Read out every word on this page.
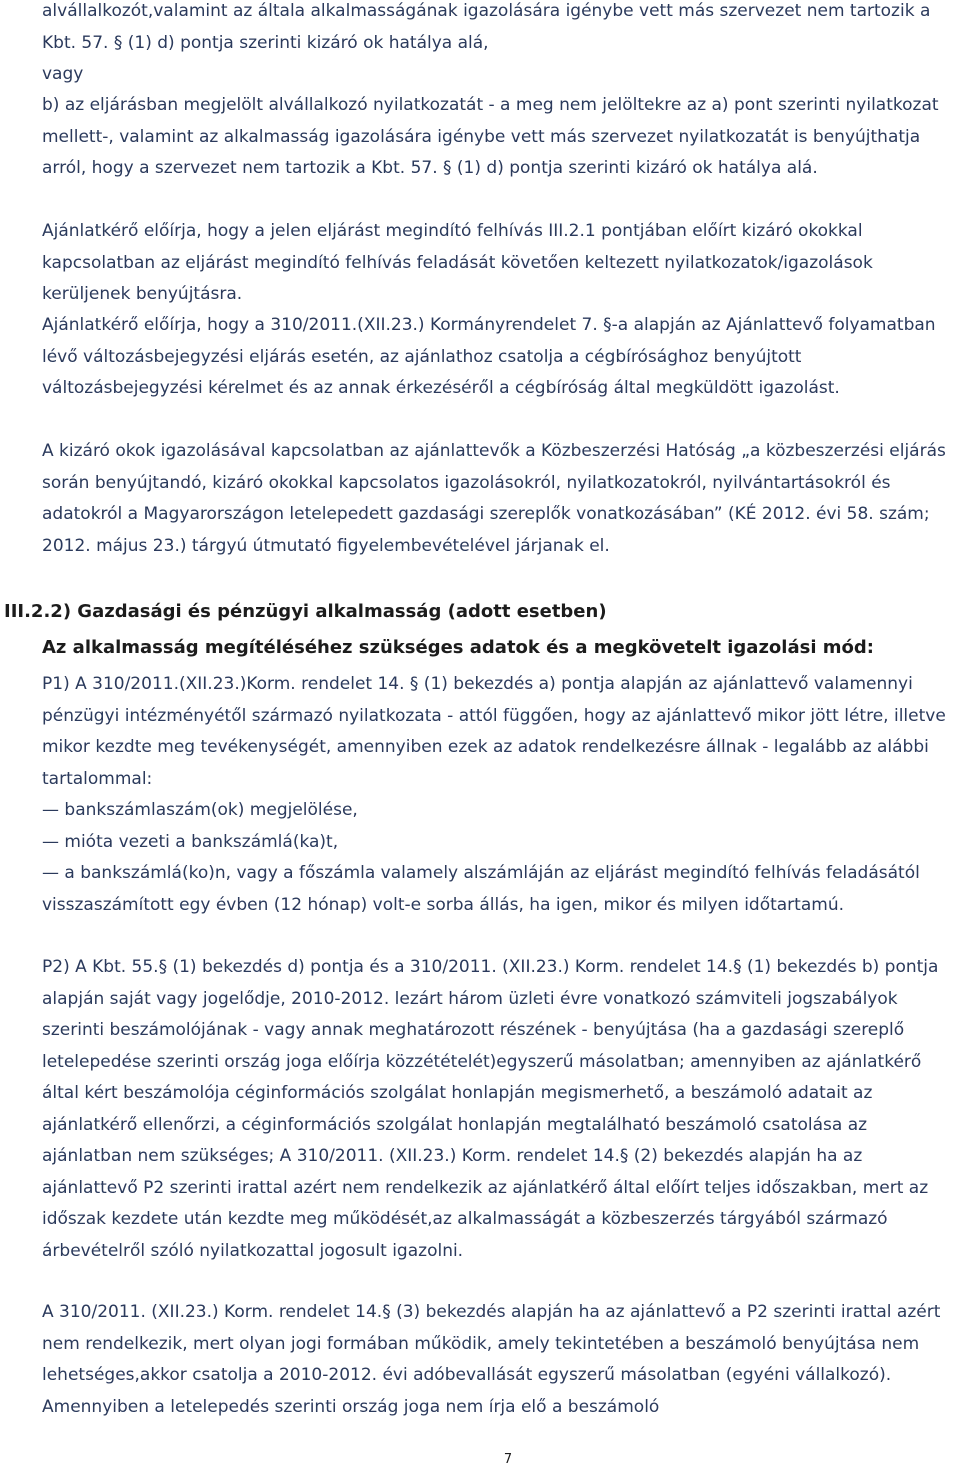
alvállalkozót,valamint az általa alkalmasságának igazolására igénybe vett más szervezet nem tartozik a Kbt. 57. § (1) d) pontja szerinti kizáró ok hatálya alá,

vagy

b) az eljárásban megjelölt alvállalkozó nyilatkozatát - a meg nem jelöltekre az a) pont szerinti nyilatkozat mellett-, valamint az alkalmasság igazolására igénybe vett más szervezet nyilatkozatát is benyújthatja arról, hogy a szervezet nem tartozik a Kbt. 57. § (1) d) pontja szerinti kizáró ok hatálya alá.

Ajánlatkérő előírja, hogy a jelen eljárást megindító felhívás III.2.1 pontjában előírt kizáró okokkal kapcsolatban az eljárást megindító felhívás feladását követően keltezett nyilatkozatok/igazolások kerüljenek benyújtásra.

Ajánlatkérő előírja, hogy a 310/2011.(XII.23.) Kormányrendelet 7. §-a alapján az Ajánlattevő folyamatban lévő változásbejegyzési eljárás esetén, az ajánlathoz csatolja a cégbírósághoz benyújtott változásbejegyzési kérelmet és az annak érkezéséről a cégbíróság által megküldött igazolást.

A kizáró okok igazolásával kapcsolatban az ajánlattevők a Közbeszerzési Hatóság „a közbeszerzési eljárás során benyújtandó, kizáró okokkal kapcsolatos igazolásokról, nyilatkozatokról, nyilvántartásokról és adatokról a Magyarországon letelepedett gazdasági szereplők vonatkozásában” (KÉ 2012. évi 58. szám; 2012. május 23.) tárgyú útmutató figyelembevételével járjanak el.

III.2.2) Gazdasági és pénzügyi alkalmasság (adott esetben)
Az alkalmasság megítéléséhez szükséges adatok és a megkövetelt igazolási mód:
P1) A 310/2011.(XII.23.)Korm. rendelet 14. § (1) bekezdés a) pontja alapján az ajánlattevő valamennyi pénzügyi intézményétől származó nyilatkozata - attól függően, hogy az ajánlattevő mikor jött létre, illetve mikor kezdte meg tevékenységét, amennyiben ezek az adatok rendelkezésre állnak - legalább az alábbi tartalommal:
— bankszámlaszám(ok) megjelölése,
— mióta vezeti a bankszámlá(ka)t,
— a bankszámlá(ko)n, vagy a főszámla valamely alszámláján az eljárást megindító felhívás feladásától visszaszámított egy évben (12 hónap) volt-e sorba állás, ha igen, mikor és milyen időtartamú.

P2) A Kbt. 55.§ (1) bekezdés d) pontja és a 310/2011. (XII.23.) Korm. rendelet 14.§ (1) bekezdés b) pontja alapján saját vagy jogelődje, 2010-2012. lezárt három üzleti évre vonatkozó számviteli jogszabályok szerinti beszámolójának - vagy annak meghatározott részének - benyújtása (ha a gazdasági szereplő letelepedése szerinti ország joga előírja közzétételét)egyszerű másolatban; amennyiben az ajánlatkérő által kért beszámolója céginformációs szolgálat honlapján megismerhető, a beszámoló adatait az ajánlatkérő ellenőrzi, a céginformációs szolgálat honlapján megtalálható beszámoló csatolása az ajánlatban nem szükséges; A 310/2011. (XII.23.) Korm. rendelet 14.§ (2) bekezdés alapján ha az ajánlattevő P2 szerinti irattal azért nem rendelkezik az ajánlatkérő által előírt teljes időszakban, mert az időszak kezdete után kezdte meg működését,az alkalmasságát a közbeszerzés tárgyából származó árbevételről szóló nyilatkozattal jogosult igazolni.

A 310/2011. (XII.23.) Korm. rendelet 14.§ (3) bekezdés alapján ha az ajánlattevő a P2 szerinti irattal azért nem rendelkezik, mert olyan jogi formában működik, amely tekintetében a beszámoló benyújtása nem lehetséges,akkor csatolja a 2010-2012. évi adóbevallását egyszerű másolatban (egyéni vállalkozó). Amennyiben a letelepedés szerinti ország joga nem írja elő a beszámoló

7
